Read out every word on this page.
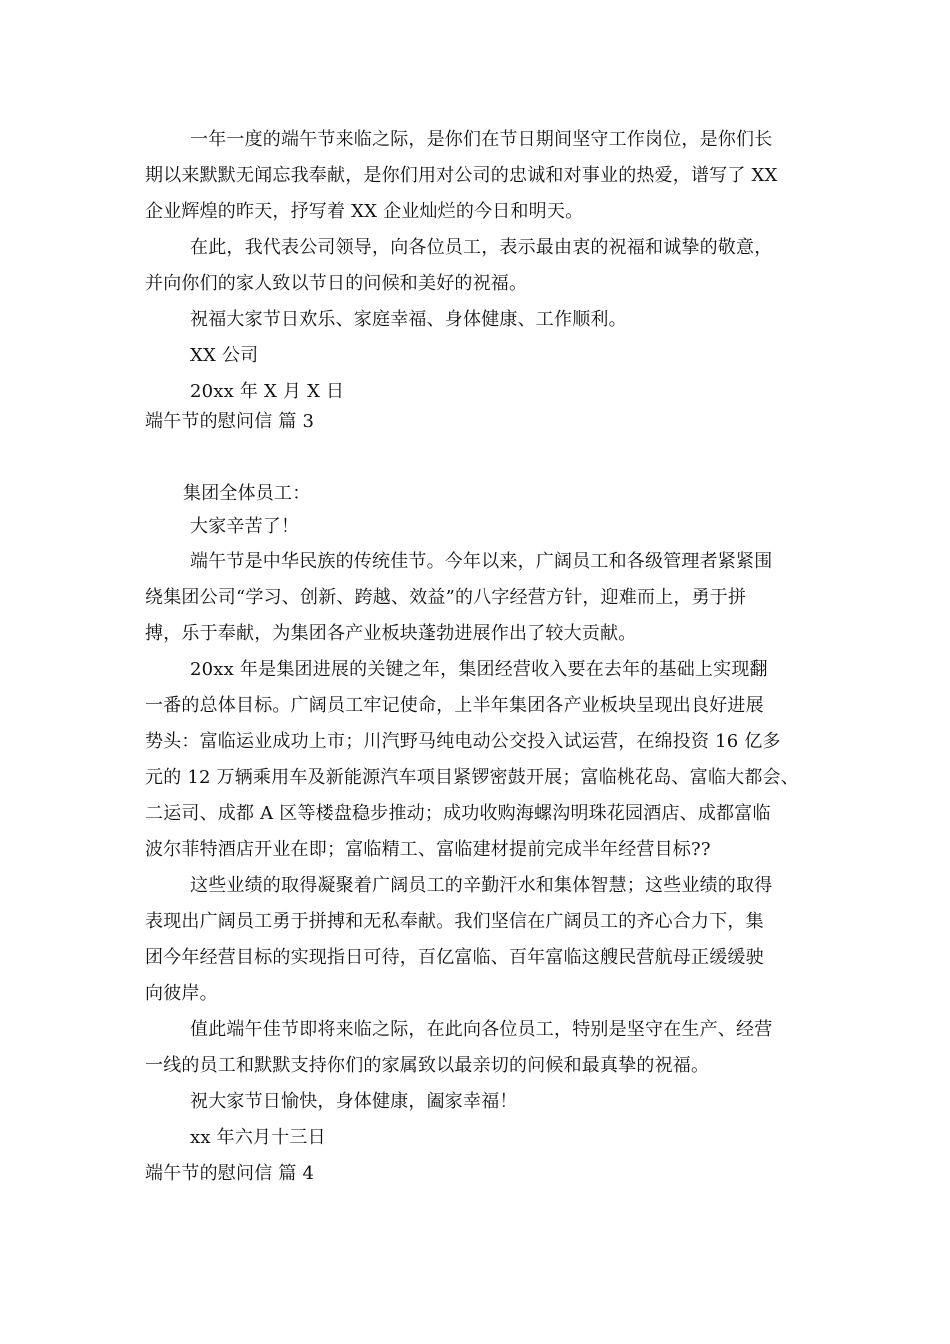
一年一度的端午节来临之际，是你们在节日期间坚守工作岗位，是你们长
期以来默默无闻忘我奉献，是你们用对公司的忠诚和对事业的热爱，谱写了 XX
企业辉煌的昨天，抒写着 XX 企业灿烂的今日和明天。
在此，我代表公司领导，向各位员工，表示最由衷的祝福和诚挚的敬意，
并向你们的家人致以节日的问候和美好的祝福。
祝福大家节日欢乐、家庭幸福、身体健康、工作顺利。
XX 公司
20xx 年 X 月 X 日
端午节的慰问信 篇 3
集团全体员工：
大家辛苦了！
端午节是中华民族的传统佳节。今年以来，广阔员工和各级管理者紧紧围
绕集团公司“学习、创新、跨越、效益”的八字经营方针，迎难而上，勇于拼
搏，乐于奉献，为集团各产业板块蓬勃进展作出了较大贡献。
20xx 年是集团进展的关键之年，集团经营收入要在去年的基础上实现翻
一番的总体目标。广阔员工牢记使命，上半年集团各产业板块呈现出良好进展
势头：富临运业成功上市；川汽野马纯电动公交投入试运营，在绵投资 16 亿多
元的 12 万辆乘用车及新能源汽车项目紧锣密鼓开展；富临桃花岛、富临大都会、
二运司、成都 A 区等楼盘稳步推动；成功收购海螺沟明珠花园酒店、成都富临
波尔菲特酒店开业在即；富临精工、富临建材提前完成半年经营目标??
这些业绩的取得凝聚着广阔员工的辛勤汗水和集体智慧；这些业绩的取得
表现出广阔员工勇于拼搏和无私奉献。我们坚信在广阔员工的齐心合力下，集
团今年经营目标的实现指日可待，百亿富临、百年富临这艘民营航母正缓缓驶
向彼岸。
值此端午佳节即将来临之际，在此向各位员工，特别是坚守在生产、经营
一线的员工和默默支持你们的家属致以最亲切的问候和最真挚的祝福。
祝大家节日愉快，身体健康，阖家幸福！
xx 年六月十三日
端午节的慰问信 篇 4
